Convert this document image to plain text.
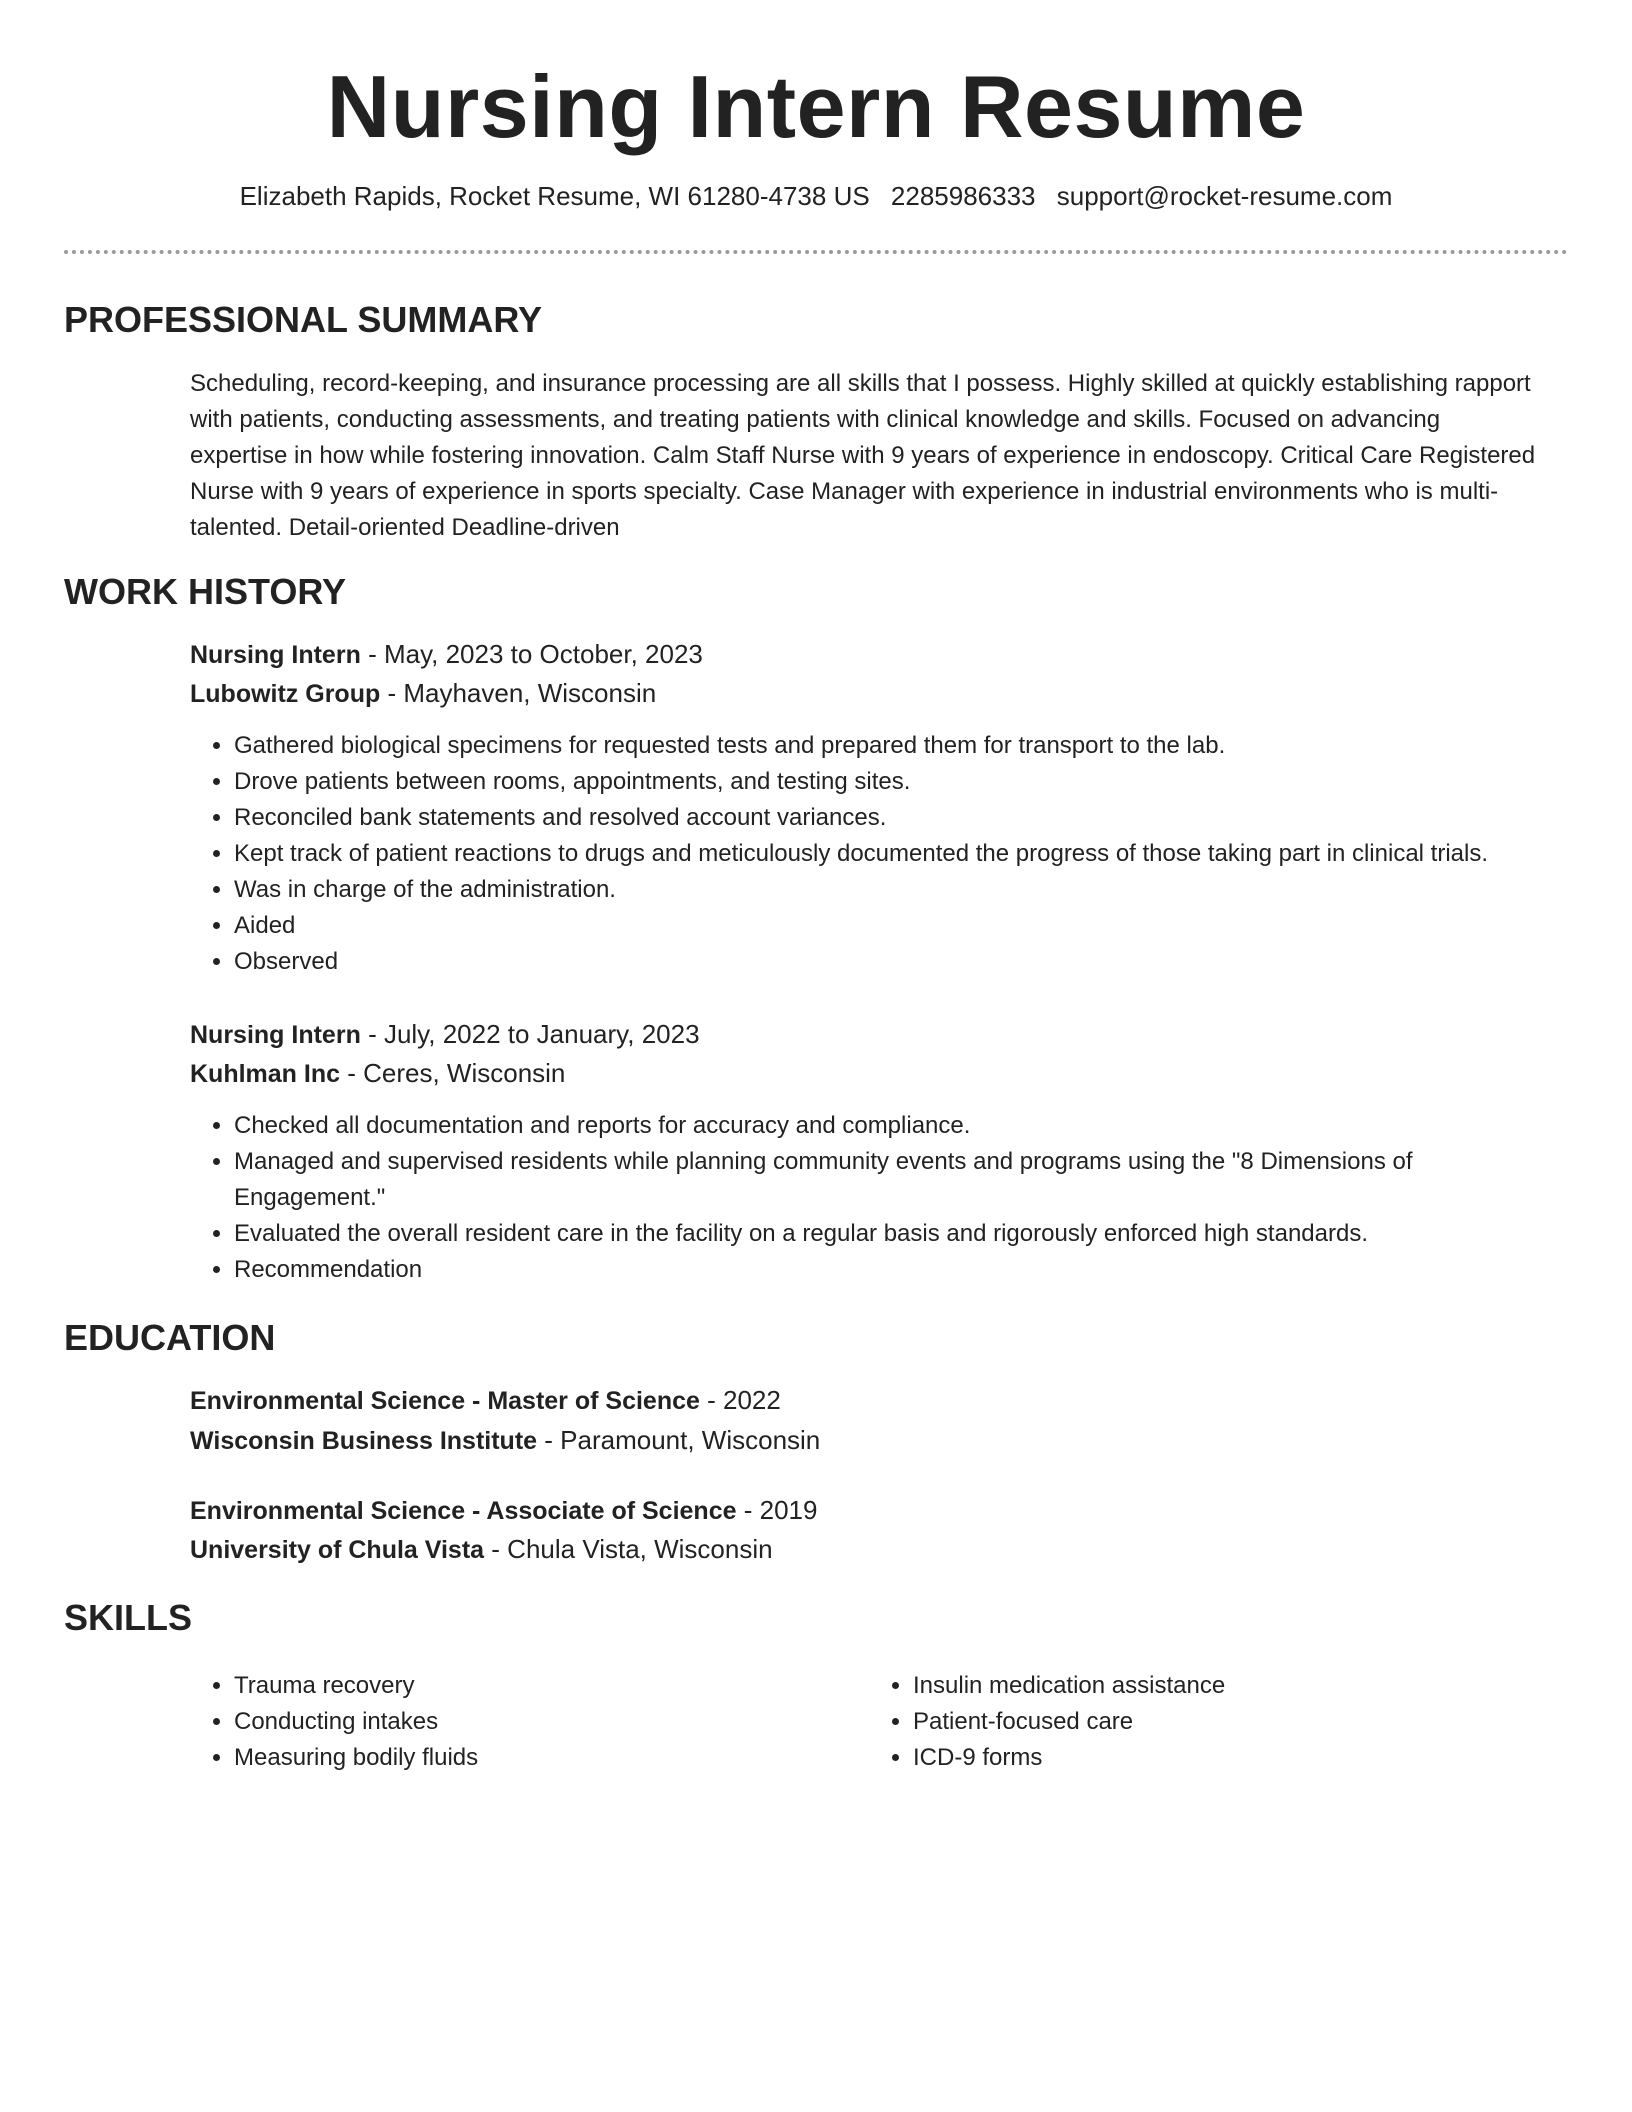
Nursing Intern Resume
Elizabeth Rapids, Rocket Resume, WI 61280-4738 US 2285986333 support@rocket-resume.com
PROFESSIONAL SUMMARY

Scheduling, record-keeping, and insurance processing are all skills that I possess. Highly skilled at quickly establishing rapport with patients, conducting assessments, and treating patients with clinical knowledge and skills. Focused on advancing expertise in how while fostering innovation. Calm Staff Nurse with 9 years of experience in endoscopy. Critical Care Registered Nurse with 9 years of experience in sports specialty. Case Manager with experience in industrial environments who is multi-talented. Detail-oriented Deadline-driven

WORK HISTORY
Nursing Intern - May, 2023 to October, 2023
Lubowitz Group - Mayhaven, Wisconsin
• Gathered biological specimens for requested tests and prepared them for transport to the lab.
• Drove patients between rooms, appointments, and testing sites.
• Reconciled bank statements and resolved account variances.
• Kept track of patient reactions to drugs and meticulously documented the progress of those taking part in clinical trials.
• Was in charge of the administration.
• Aided
• Observed
Nursing Intern - July, 2022 to January, 2023
Kuhlman Inc - Ceres, Wisconsin
• Checked all documentation and reports for accuracy and compliance.
• Managed and supervised residents while planning community events and programs using the "8 Dimensions of Engagement."
• Evaluated the overall resident care in the facility on a regular basis and rigorously enforced high standards.
• Recommendation
EDUCATION
Environmental Science - Master of Science - 2022
Wisconsin Business Institute - Paramount, Wisconsin
Environmental Science - Associate of Science - 2019
University of Chula Vista - Chula Vista, Wisconsin
SKILLS
• Trauma recovery
• Conducting intakes
• Measuring bodily fluids
• Insulin medication assistance
• Patient-focused care
• ICD-9 forms
